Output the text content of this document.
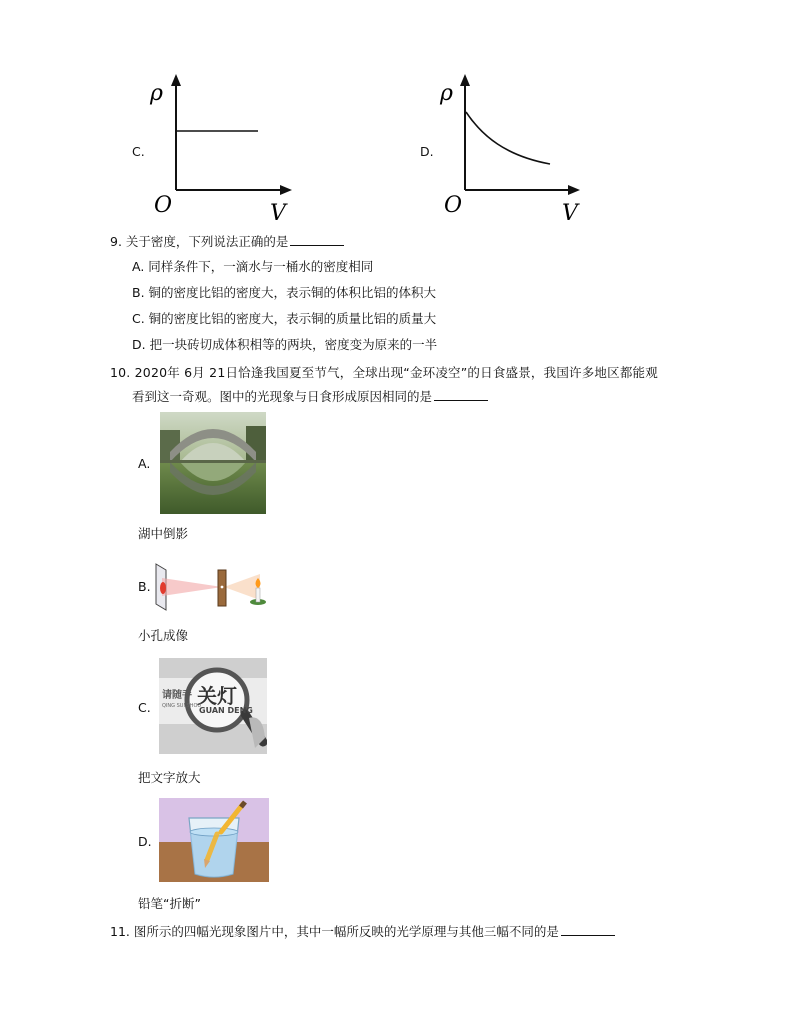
C.
ρ
O	V
D.
ρ
O	V
9. 关于密度，下列说法正确的是
A. 同样条件下，一滴水与一桶水的密度相同
B. 铜的密度比铝的密度大，表示铜的体积比铝的体积大
C. 铜的密度比铝的密度大，表示铜的质量比铝的质量大
D. 把一块砖切成体积相等的两块，密度变为原来的一半
10. 2020年 6月 21日恰逢我国夏至节气，全球出现“金环凌空”的日食盛景，我国许多地区都能观
看到这一奇观。图中的光现象与日食形成原因相同的是
A.
湖中倒影
B.
小孔成像
C.
请随手 关灯
QING SUI SHOU
GUAN DENG
把文字放大
D.
铅笔“折断”
11. 图所示的四幅光现象图片中，其中一幅所反映的光学原理与其他三幅不同的是
